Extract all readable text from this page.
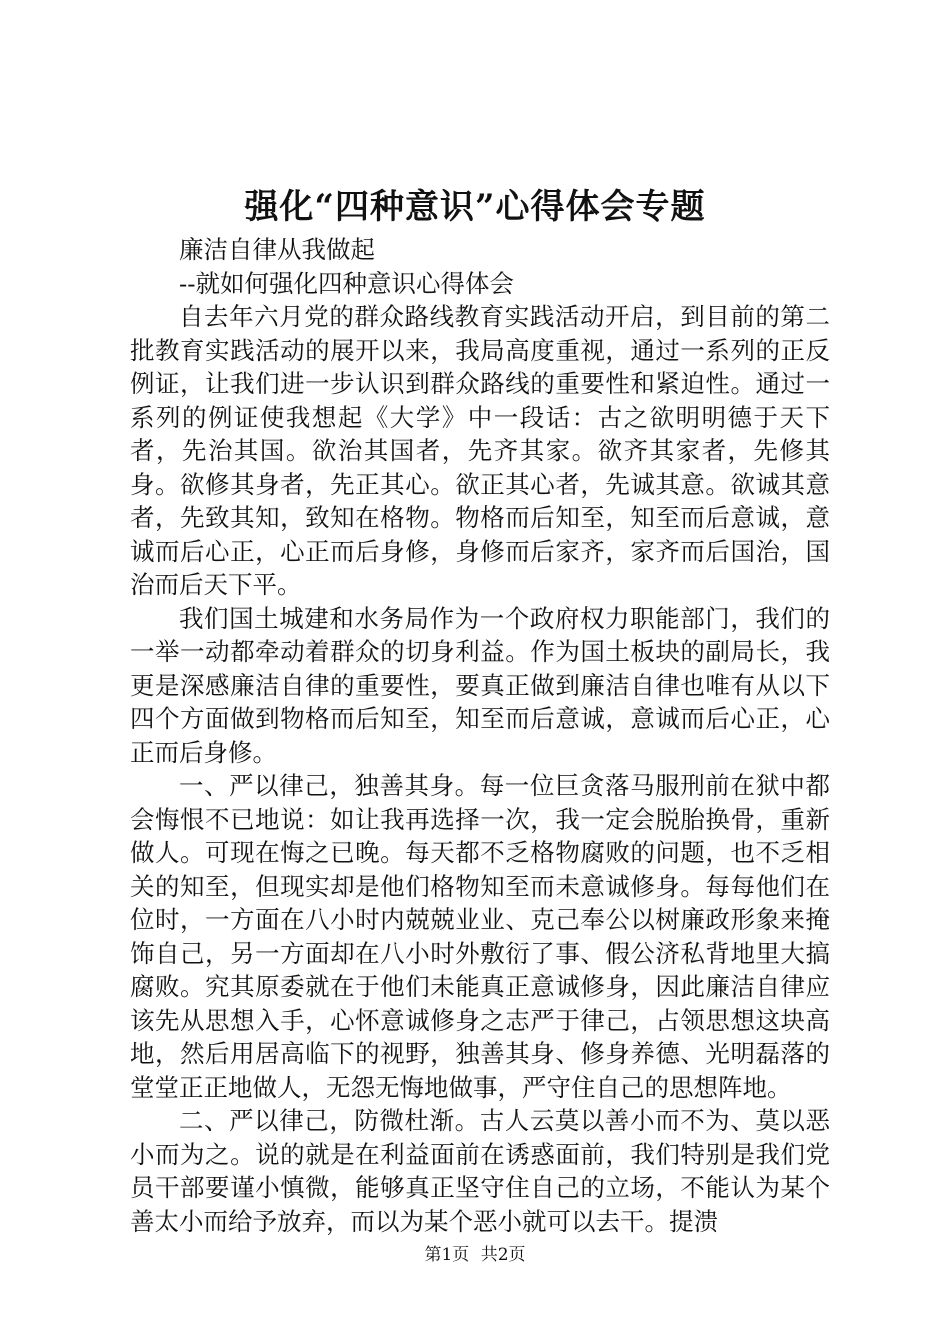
强化“四种意识”心得体会专题

廉洁自律从我做起

--就如何强化四种意识心得体会

自去年六月党的群众路线教育实践活动开启，到目前的第二批教育实践活动的展开以来，我局高度重视，通过一系列的正反例证，让我们进一步认识到群众路线的重要性和紧迫性。通过一系列的例证使我想起《大学》中一段话：古之欲明明德于天下者，先治其国。欲治其国者，先齐其家。欲齐其家者，先修其身。欲修其身者，先正其心。欲正其心者，先诚其意。欲诚其意者，先致其知，致知在格物。物格而后知至，知至而后意诚，意诚而后心正，心正而后身修，身修而后家齐，家齐而后国治，国治而后天下平。

我们国土城建和水务局作为一个政府权力职能部门，我们的一举一动都牵动着群众的切身利益。作为国土板块的副局长，我更是深感廉洁自律的重要性，要真正做到廉洁自律也唯有从以下四个方面做到物格而后知至，知至而后意诚，意诚而后心正，心正而后身修。

一、严以律己，独善其身。每一位巨贪落马服刑前在狱中都会悔恨不已地说：如让我再选择一次，我一定会脱胎换骨，重新做人。可现在悔之已晚。每天都不乏格物腐败的问题，也不乏相关的知至，但现实却是他们格物知至而未意诚修身。每每他们在位时，一方面在八小时内兢兢业业、克己奉公以树廉政形象来掩饰自己，另一方面却在八小时外敷衍了事、假公济私背地里大搞腐败。究其原委就在于他们未能真正意诚修身，因此廉洁自律应该先从思想入手，心怀意诚修身之志严于律己，占领思想这块高地，然后用居高临下的视野，独善其身、修身养德、光明磊落的堂堂正正地做人，无怨无悔地做事，严守住自己的思想阵地。

二、严以律己，防微杜渐。古人云莫以善小而不为、莫以恶小而为之。说的就是在利益面前在诱惑面前，我们特别是我们党员干部要谨小慎微，能够真正坚守住自己的立场，不能认为某个善太小而给予放弃，而以为某个恶小就可以去干。提溃

第1页 共2页
